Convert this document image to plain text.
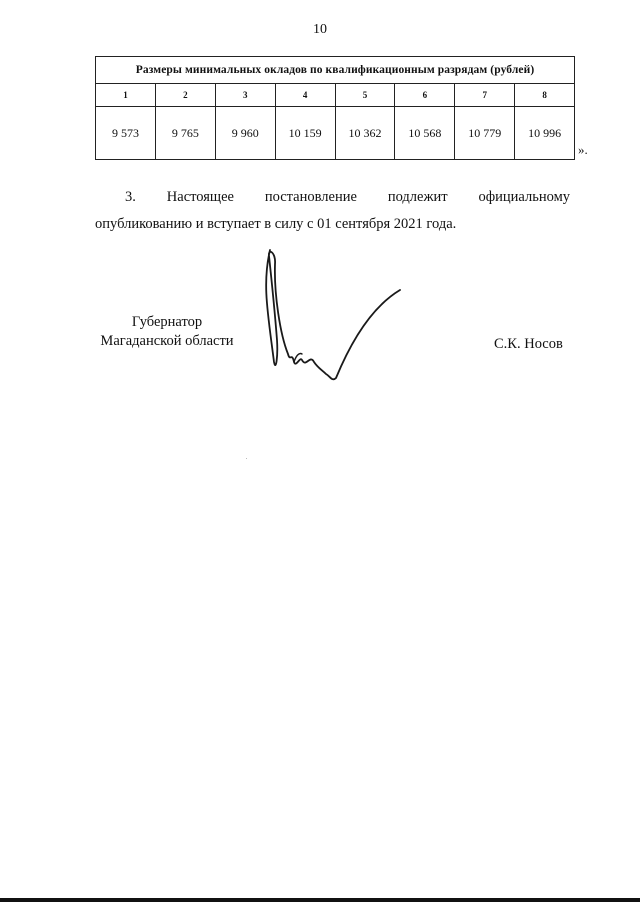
10
Размеры минимальных окладов по квалификационным разрядам (рублей)							
1	2	3	4	5	6	7	8
9 573	9 765	9 960	10 159	10 362	10 568	10 779	10 996
».
3. Настоящее постановление подлежит официальному
опубликованию и вступает в силу с 01 сентября 2021 года.
Губернатор
Магаданской области	С.К. Носов
